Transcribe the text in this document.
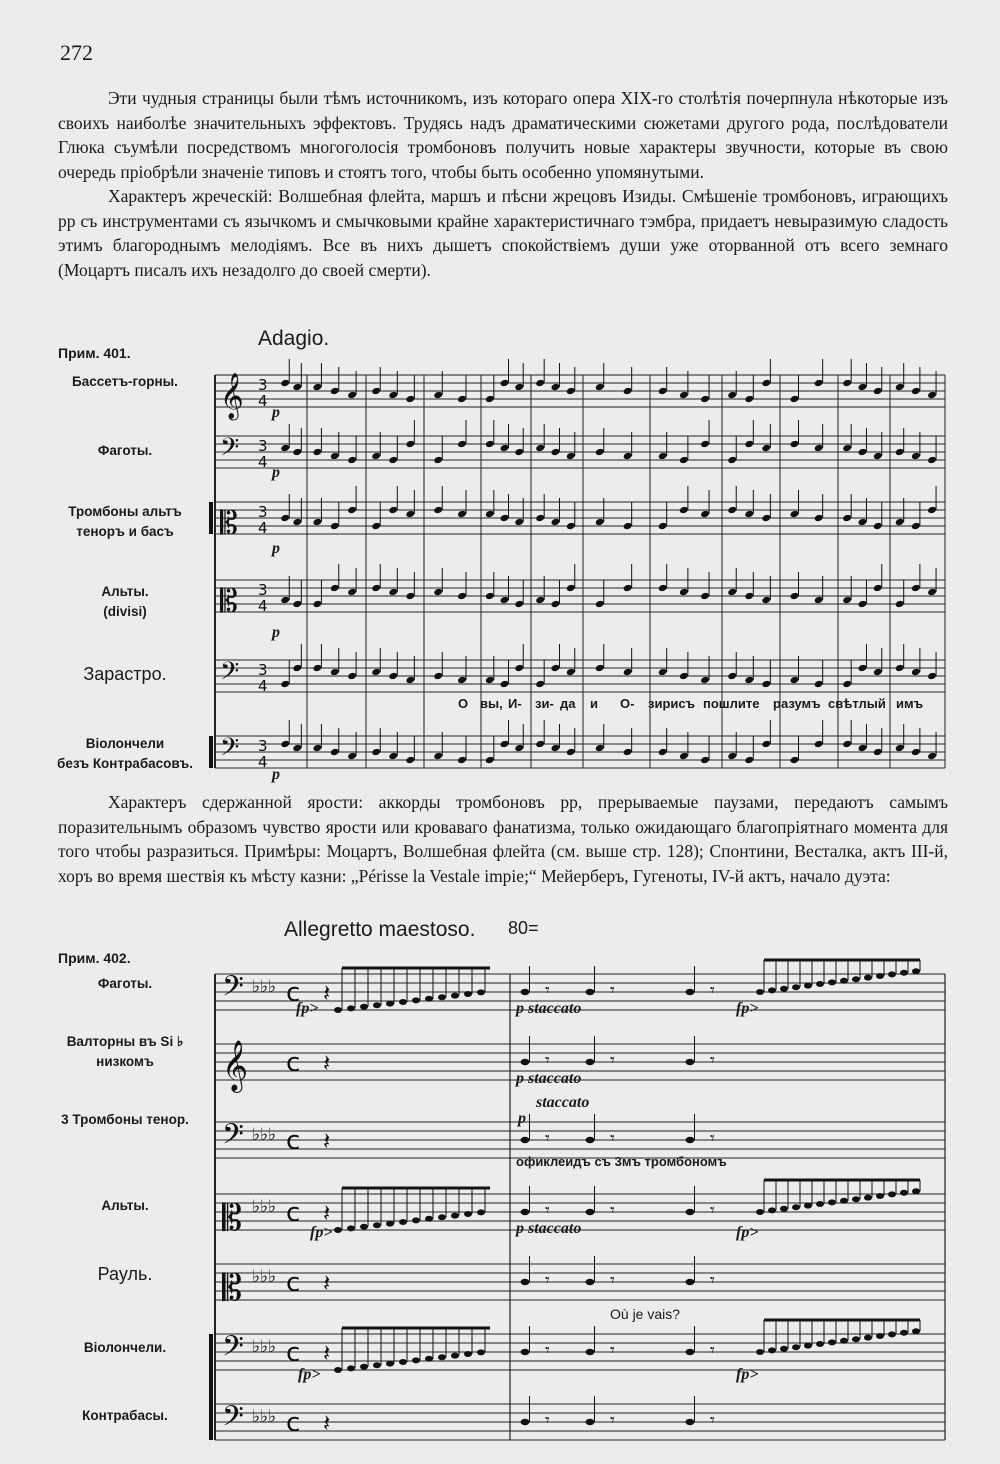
272

Эти чудныя страницы были тѣмъ источникомъ, изъ котораго опера XIX-го столѣтія почерпнула нѣкоторые изъ своихъ наиболѣе значительныхъ эффектовъ. Трудясь надъ драматическими сюжетами другого рода, послѣдователи Глюка съумѣли посредствомъ многоголосія тромбоновъ получить новые характеры звучности, которые въ свою очередь пріобрѣли значеніе типовъ и стоятъ того, чтобы быть особенно упомянутыми.

Характеръ жреческій: Волшебная флейта, маршъ и пѣсни жрецовъ Изиды. Смѣшеніе тромбоновъ, играющихъ pp съ инструментами съ язычкомъ и смычковыми крайне характеристичнаго тэмбра, придаетъ невыразимую сладость этимъ благороднымъ мелодіямъ. Все въ нихъ дышетъ спокойствіемъ души уже оторванной отъ всего земнаго (Моцартъ писалъ ихъ незадолго до своей смерти).

Прим. 401.
Adagio.
Бассетъ-горны.
Фаготы.
Тромбоны альтъ
теноръ и басъ
Альты.
(divisi)
Зарастро.
Віолончели
безъ Контрабасовъ.
p
p
p
p
p
О вы, И- зи- да и О- зирисъ пошлите разумъ свѣтлый имъ

Характеръ сдержанной ярости: аккорды тромбоновъ pp, прерываемые паузами, передаютъ самымъ поразительнымъ образомъ чувство ярости или кроваваго фанатизма, только ожидающаго благопріятнаго момента для того чтобы разразиться. Примѣры: Моцартъ, Волшебная флейта (см. выше стр. 128); Спонтини, Весталка, актъ III-й, хоръ во время шествія къ мѣсту казни: „Périsse la Vestale impie;“ Мейерберъ, Гугеноты, IV-й актъ, начало дуэта:

Allegretto maestoso. 80=
Прим. 402.
Фаготы.
Валторны въ Si ♭
низкомъ
3 Тромбоны тенор.
Альты.
Рауль.
Віолончели.
Контрабасы.
fp>	p staccato	fp>
p staccato
staccato
p
офиклеидъ съ 3мъ тромбономъ
fp>	p staccato	fp>
Où je vais?
fp>	fp>
𝄞
𝄢
𝄢
𝄢
𝄡
𝄡
3
4
3
4
3
4
3
4
3
4
3
4
𝄞
𝄢
𝄢
𝄢
𝄢
𝄡
𝄡
♭♭♭ c 𝄽
c 𝄽
♭♭♭ c 𝄽
♭♭♭ c 𝄽
♭♭♭ c 𝄽
♭♭♭ c 𝄽
♭♭♭ c 𝄽
𝄾	𝄾	𝄾
𝄾	𝄾	𝄾
𝄾	𝄾	𝄾
𝄾	𝄾	𝄾
𝄾	𝄾	𝄾
𝄾	𝄾	𝄾
𝄾	𝄾	𝄾
